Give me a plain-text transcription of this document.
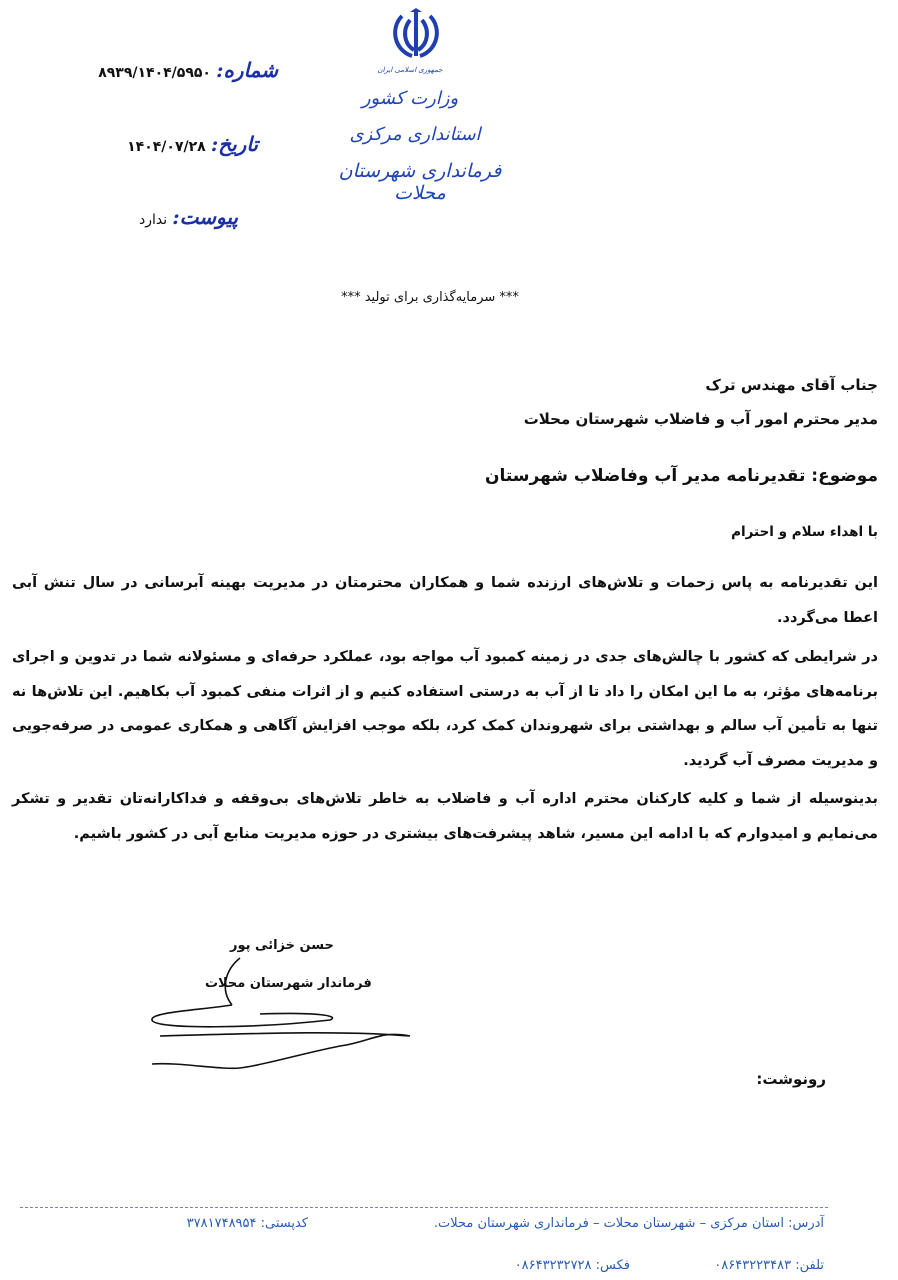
جمهوری اسلامی ایران
وزارت کشور
استانداری مرکزی
فرمانداری شهرستان محلات
شماره: ۸۹۳۹/۱۴۰۴/۵۹۵۰
تاریخ: ۱۴۰۴/۰۷/۲۸
پیوست: ندارد
*** سرمایه‌گذاری برای تولید ***
جناب آقای مهندس ترک
مدیر محترم امور آب و فاضلاب شهرستان محلات
موضوع: تقدیرنامه مدیر آب وفاضلاب شهرستان
با اهداء سلام و احترام
این تقدیرنامه به پاس زحمات و تلاش‌های ارزنده شما و همکاران محترمتان در مدیریت بهینه آبرسانی در سال تنش آبی اعطا می‌گردد.
در شرایطی که کشور با چالش‌های جدی در زمینه کمبود آب مواجه بود، عملکرد حرفه‌ای و مسئولانه شما در تدوین و اجرای برنامه‌های مؤثر، به ما این امکان را داد تا از آب به درستی استفاده کنیم و از اثرات منفی کمبود آب بکاهیم. این تلاش‌ها نه تنها به تأمین آب سالم و بهداشتی برای شهروندان کمک کرد، بلکه موجب افزایش آگاهی و همکاری عمومی در صرفه‌جویی و مدیریت مصرف آب گردید.
بدینوسیله از شما و کلیه کارکنان محترم اداره آب و فاضلاب به خاطر تلاش‌های بی‌وقفه و فداکارانه‌تان تقدیر و تشکر می‌نمایم و امیدوارم که با ادامه این مسیر، شاهد پیشرفت‌های بیشتری در حوزه مدیریت منابع آبی در کشور باشیم.
حسن خزائی پور
فرماندار شهرستان محلات
رونوشت:
آدرس: استان مرکزی – شهرستان محلات – فرمانداری شهرستان محلات.
کدپستی: ۳۷۸۱۷۴۸۹۵۴
تلفن: ۰۸۶۴۳۲۲۳۴۸۳
فکس: ۰۸۶۴۳۲۳۲۷۲۸
